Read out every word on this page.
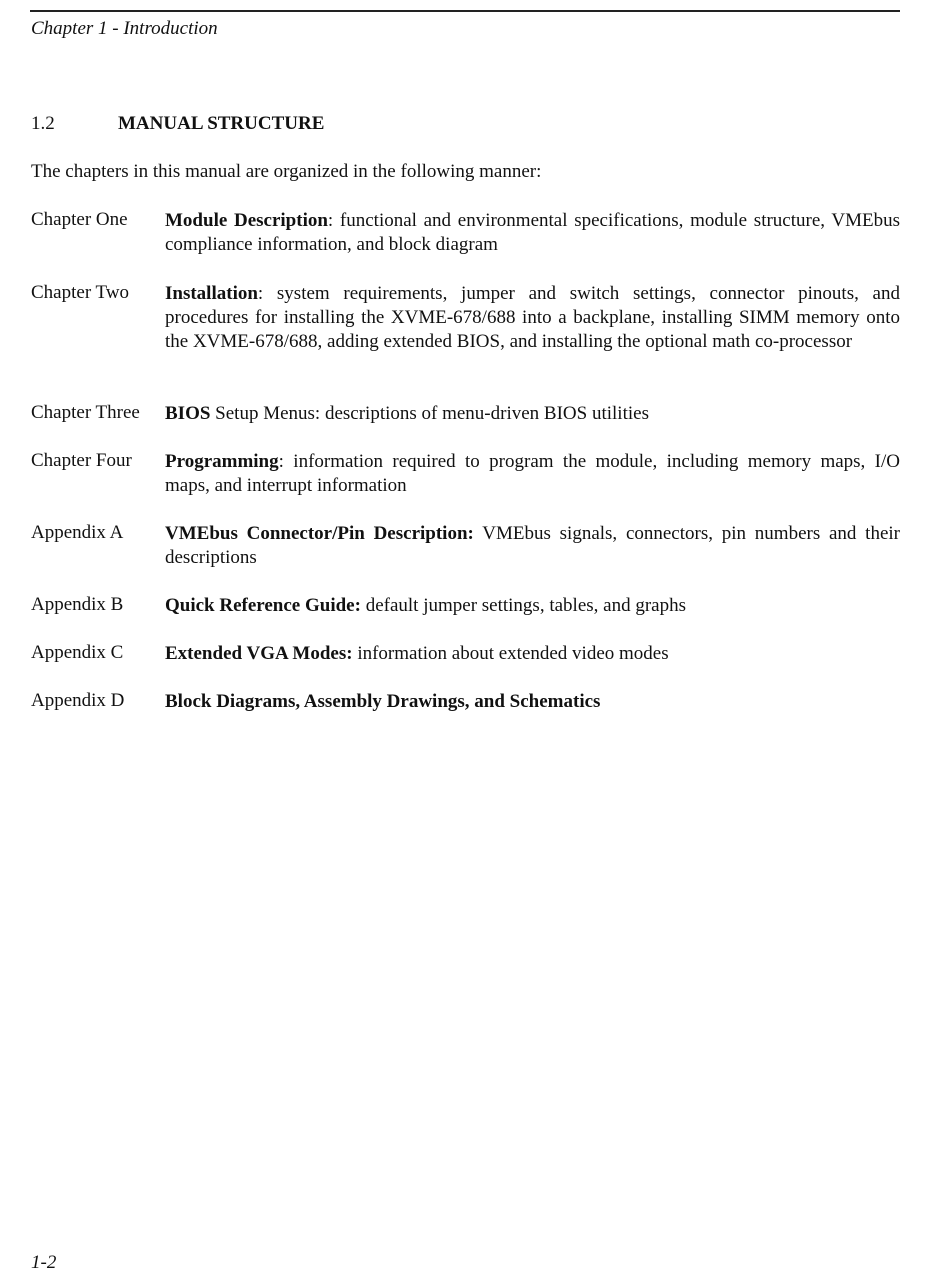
Chapter 1 - Introduction
1.2	MANUAL STRUCTURE
The chapters in this manual are organized in the following manner:
Chapter One Module Description: functional and environmental specifications, module structure, VMEbus compliance information, and block diagram
Chapter Two Installation: system requirements, jumper and switch settings, connector pinouts, and procedures for installing the XVME-678/688 into a backplane, installing SIMM memory onto the XVME-678/688, adding extended BIOS, and installing the optional math co-processor
Chapter Three BIOS Setup Menus: descriptions of menu-driven BIOS utilities
Chapter Four Programming: information required to program the module, including memory maps, I/O maps, and interrupt information
Appendix A VMEbus Connector/Pin Description: VMEbus signals, connectors, pin numbers and their descriptions
Appendix B Quick Reference Guide: default jumper settings, tables, and graphs
Appendix C Extended VGA Modes: information about extended video modes
Appendix D Block Diagrams, Assembly Drawings, and Schematics
1-2
